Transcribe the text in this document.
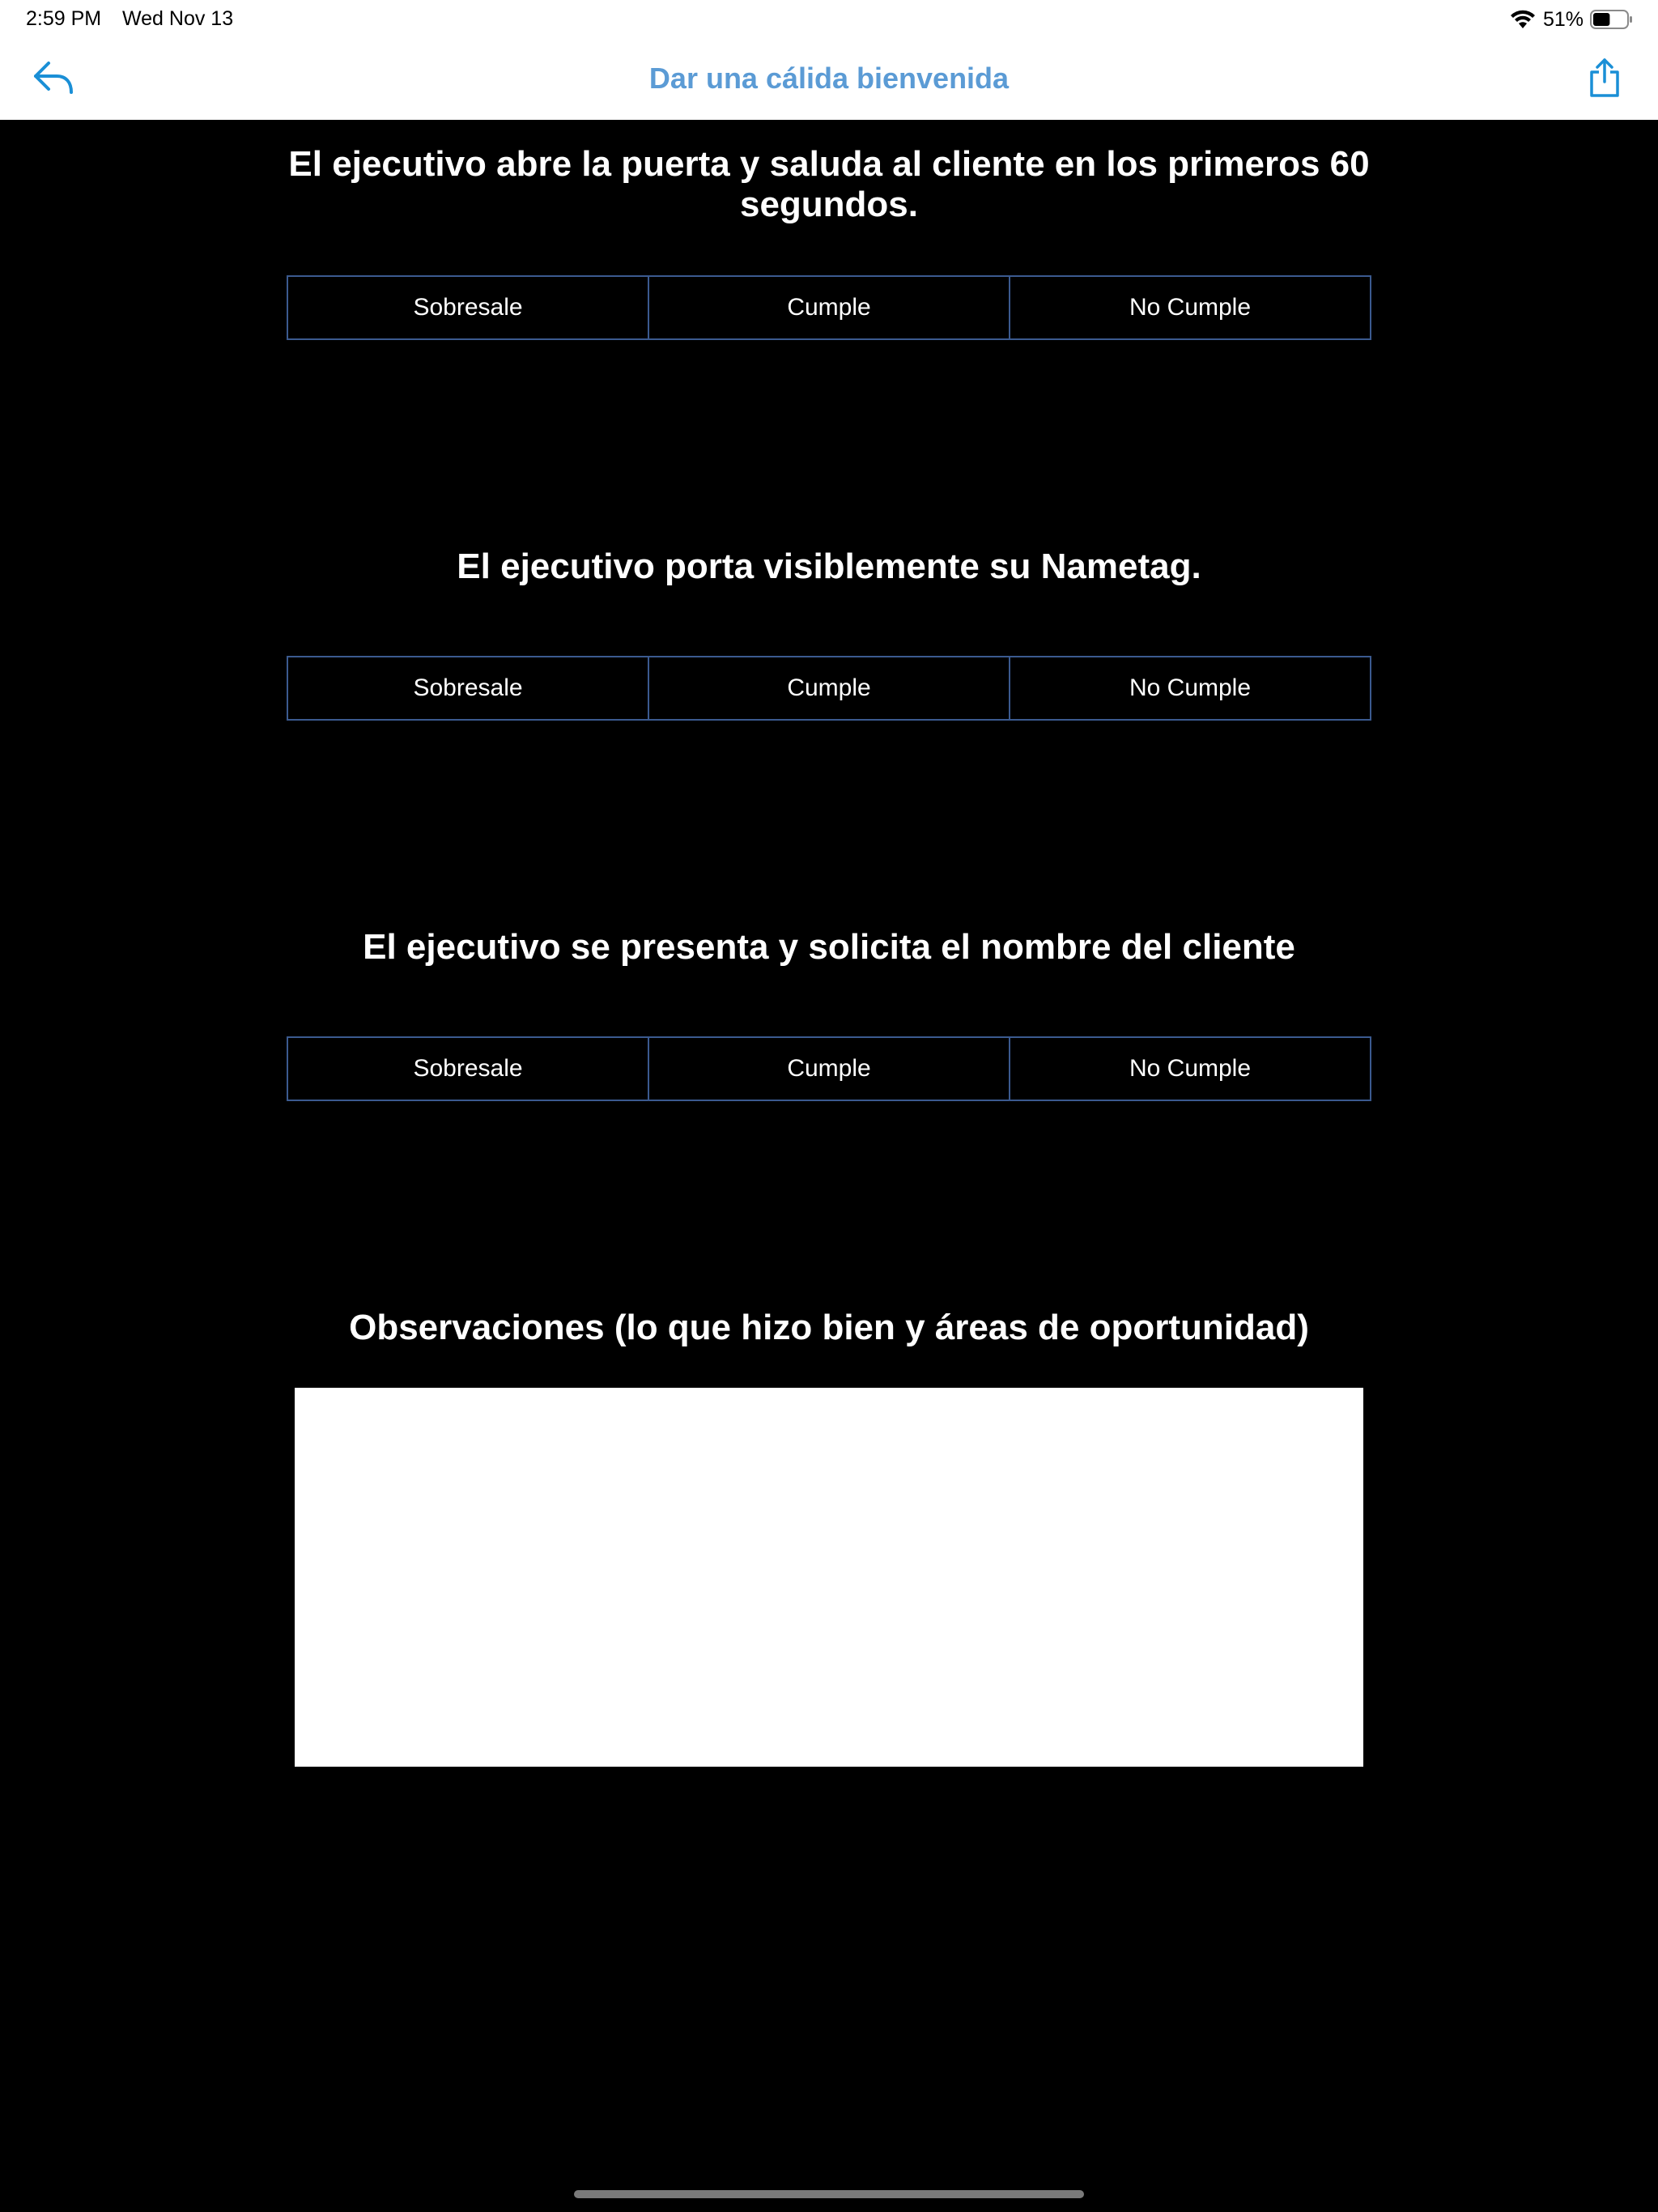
2:59 PM Wed Nov 13	51%
Dar una cálida bienvenida
El ejecutivo abre la puerta y saluda al cliente en los primeros 60 segundos.
Sobresale	Cumple	No Cumple
El ejecutivo porta visiblemente su Nametag.
Sobresale	Cumple	No Cumple
El ejecutivo se presenta y solicita el nombre del cliente
Sobresale	Cumple	No Cumple
Observaciones (lo que hizo bien y áreas de oportunidad)
